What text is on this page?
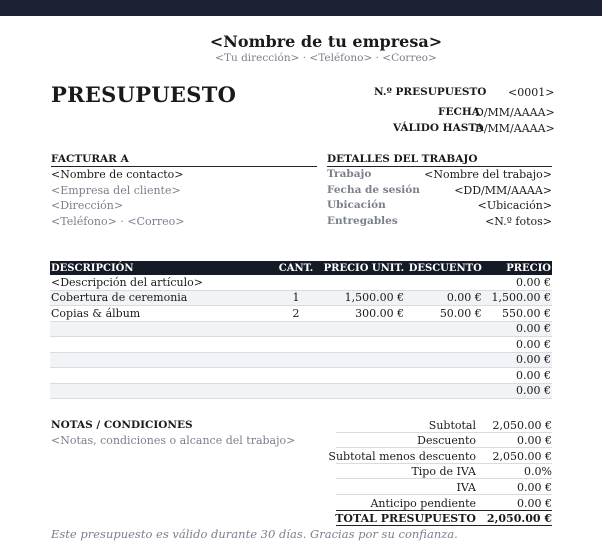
<Nombre de tu empresa>
<Tu dirección> · <Teléfono> · <Correo>
PRESUPUESTO	N.º PRESUPUESTO <0001>
FECHA
D/MM/AAAA>
VÁLIDO HASTA
D/MM/AAAA>
FACTURAR A
<Nombre de contacto>
<Empresa del cliente>
<Dirección>
<Teléfono> · <Correo>
DETALLES DEL TRABAJO
Trabajo	<Nombre del trabajo>
Fecha de sesión	<DD/MM/AAAA>
Ubicación	<Ubicación>
Entregables	<N.º fotos>
DESCRIPCIÓN	CANT.	PRECIO UNIT.	DESCUENTO	PRECIO
<Descripción del artículo>				0.00 €
Cobertura de ceremonia	1	1,500.00 €	0.00 €	1,500.00 €
Copias & álbum	2	300.00 €	50.00 €	550.00 €
				0.00 €
				0.00 €
				0.00 €
				0.00 €
				0.00 €
NOTAS / CONDICIONES
<Notas, condiciones o alcance del trabajo>
Subtotal	2,050.00 €
Descuento	0.00 €
Subtotal menos descuento	2,050.00 €
Tipo de IVA	0.0%
IVA	0.00 €
Anticipo pendiente	0.00 €
TOTAL PRESUPUESTO 2,050.00 €
Este presupuesto es válido durante 30 días. Gracias por su confianza.
